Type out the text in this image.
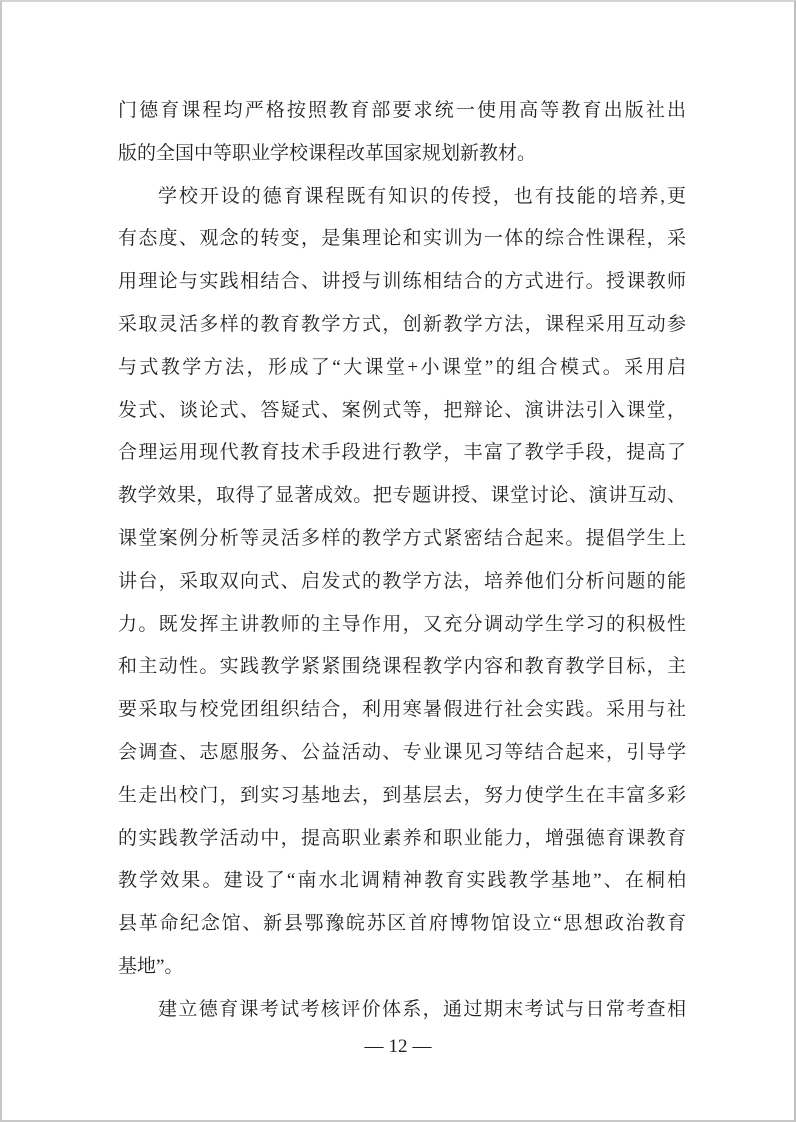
门德育课程均严格按照教育部要求统一使用高等教育出版社出
版的全国中等职业学校课程改革国家规划新教材。
学校开设的德育课程既有知识的传授，也有技能的培养,更
有态度、观念的转变，是集理论和实训为一体的综合性课程，采
用理论与实践相结合、讲授与训练相结合的方式进行。授课教师
采取灵活多样的教育教学方式，创新教学方法，课程采用互动参
与式教学方法，形成了“大课堂+小课堂”的组合模式。采用启
发式、谈论式、答疑式、案例式等，把辩论、演讲法引入课堂，
合理运用现代教育技术手段进行教学，丰富了教学手段，提高了
教学效果，取得了显著成效。把专题讲授、课堂讨论、演讲互动、
课堂案例分析等灵活多样的教学方式紧密结合起来。提倡学生上
讲台，采取双向式、启发式的教学方法，培养他们分析问题的能
力。既发挥主讲教师的主导作用，又充分调动学生学习的积极性
和主动性。实践教学紧紧围绕课程教学内容和教育教学目标，主
要采取与校党团组织结合，利用寒暑假进行社会实践。采用与社
会调查、志愿服务、公益活动、专业课见习等结合起来，引导学
生走出校门，到实习基地去，到基层去，努力使学生在丰富多彩
的实践教学活动中，提高职业素养和职业能力，增强德育课教育
教学效果。建设了“南水北调精神教育实践教学基地”、在桐柏
县革命纪念馆、新县鄂豫皖苏区首府博物馆设立“思想政治教育
基地”。
建立德育课考试考核评价体系，通过期末考试与日常考查相
— 12 —
